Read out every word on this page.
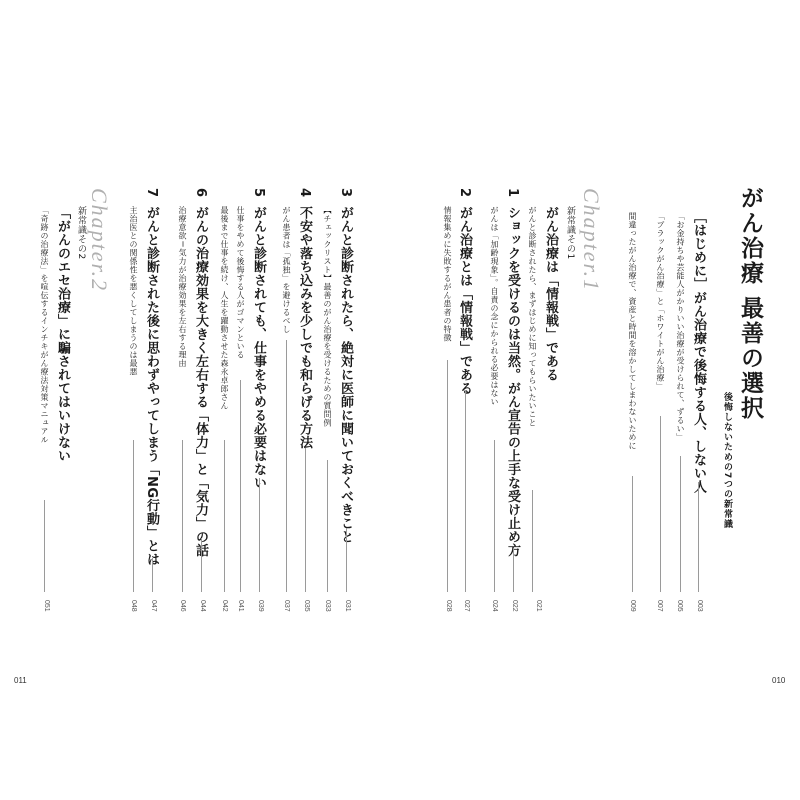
がん治療 最善の選択
後悔しないための7つの新常識
［はじめに］がん治療で後悔する人、しない人
「お金持ちや芸能人がかりいい治療が受けられて、ずるい」
「ブラックがん治療」と「ホワイトがん治療」
間違ったがん治療で、資産と時間を溶かしてしまわないために
003
005
007
009
Chapter.1
新常識その1
がん治療は「情報戦」である
がんと診断されたら、まずはじめに知ってもらいたいこと
021
1
ショックを受けるのは当然。がん宣告の上手な受け止め方
がんは「加齢現象」。自責の念にかられる必要はない
022
024
2
がん治療とは「情報戦」である
情報集めに失敗するがん患者の特徴
027
028
010
3
がんと診断されたら、絶対に医師に聞いておくべきこと
【チェックリスト】最善のがん治療を受けるための質問例
031
033
4
不安や落ち込みを少しでも和らげる方法
がん患者は「孤独」を避けるべし
035
037
5
がんと診断されても、仕事をやめる必要はない
仕事をやめて後悔する人がゴマンといる
最後まで仕事を続け、人生を躍動させた森永卓郎さん
039
041
042
6
がんの治療効果を大きく左右する「体力」と「気力」の話
治療意欲＝気力が治療効果を左右する理由
044
046
7
がんと診断された後に思わずやってしまう「NG行動」とは
主治医との関係性を悪くしてしまうのは最悪
047
048
Chapter.2
新常識その2
「がんのエセ治療」に騙されてはいけない
「奇跡の治療法」を喧伝するインチキがん療法対策マニュアル
051
011
